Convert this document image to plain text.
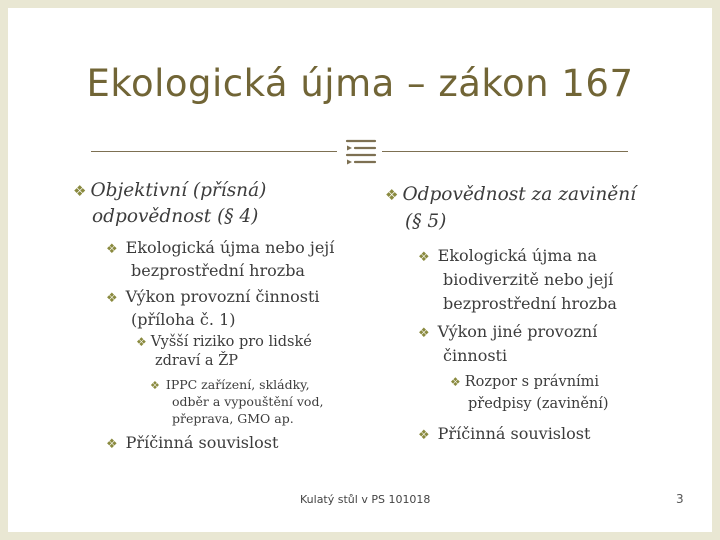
Ekologická újma – zákon 167
❖ Objektivní (přísná)
odpovědnost (§ 4)
❖ Ekologická újma nebo její
bezprostřední hrozba
❖ Výkon provozní činnosti
(příloha č. 1)
❖ Vyšší riziko pro lidské
zdraví a ŽP
❖ IPPC zařízení, skládky,
odběr a vypouštění vod,
přeprava, GMO ap.
❖ Příčinná souvislost
❖ Odpovědnost za zavinění
(§ 5)
❖ Ekologická újma na
biodiverzitě nebo její
bezprostřední hrozba
❖ Výkon jiné provozní
činnosti
❖ Rozpor s právními
předpisy (zavinění)
❖ Příčinná souvislost
Kulatý stůl v PS 101018	3
